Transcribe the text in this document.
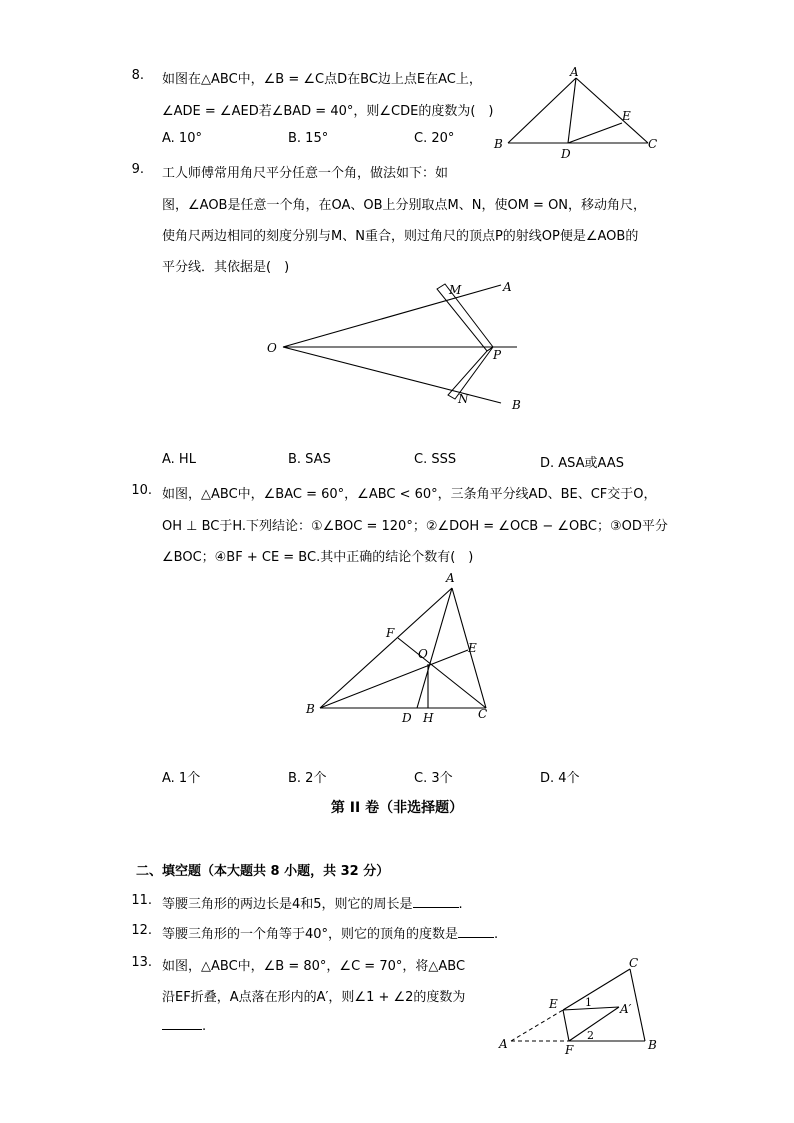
8. 如图在△ABC中，∠B = ∠C点D在BC边上点E在AC上，
∠ADE = ∠AED若∠BAD = 40°，则∠CDE的度数为(　)
A. 10°	B. 15°	C. 20°
A
B	C
D
E
9. 工人师傅常用角尺平分任意一个角，做法如下：如
图，∠AOB是任意一个角，在OA、OB上分别取点M、N，使OM = ON，移动角尺，
使角尺两边相同的刻度分别与M、N重合，则过角尺的顶点P的射线OP便是∠AOB的
平分线．其依据是(　)
O
M	A
P
N	B
A. HL	B. SAS	C. SSS	D. ASA或AAS
10. 如图，△ABC中，∠BAC = 60°，∠ABC < 60°，三条角平分线AD、BE、CF交于O，
OH ⊥ BC于H.下列结论：①∠BOC = 120°；②∠DOH = ∠OCB − ∠OBC；③OD平分
∠BOC；④BF + CE = BC.其中正确的结论个数有(　)
A
B	C
F
E
O
D H
A. 1个	B. 2个	C. 3个	D. 4个
第 II 卷（非选择题）
二、填空题（本大题共 8 小题，共 32 分）
11. 等腰三角形的两边长是4和5，则它的周长是	.
12. 等腰三角形的一个角等于40°，则它的顶角的度数是	.
13. 如图，△ABC中，∠B = 80°，∠C = 70°，将△ABC
沿EF折叠，A点落在形内的A′，则∠1 + ∠2的度数为
.
C
E	A′
A	F	B
1
2
